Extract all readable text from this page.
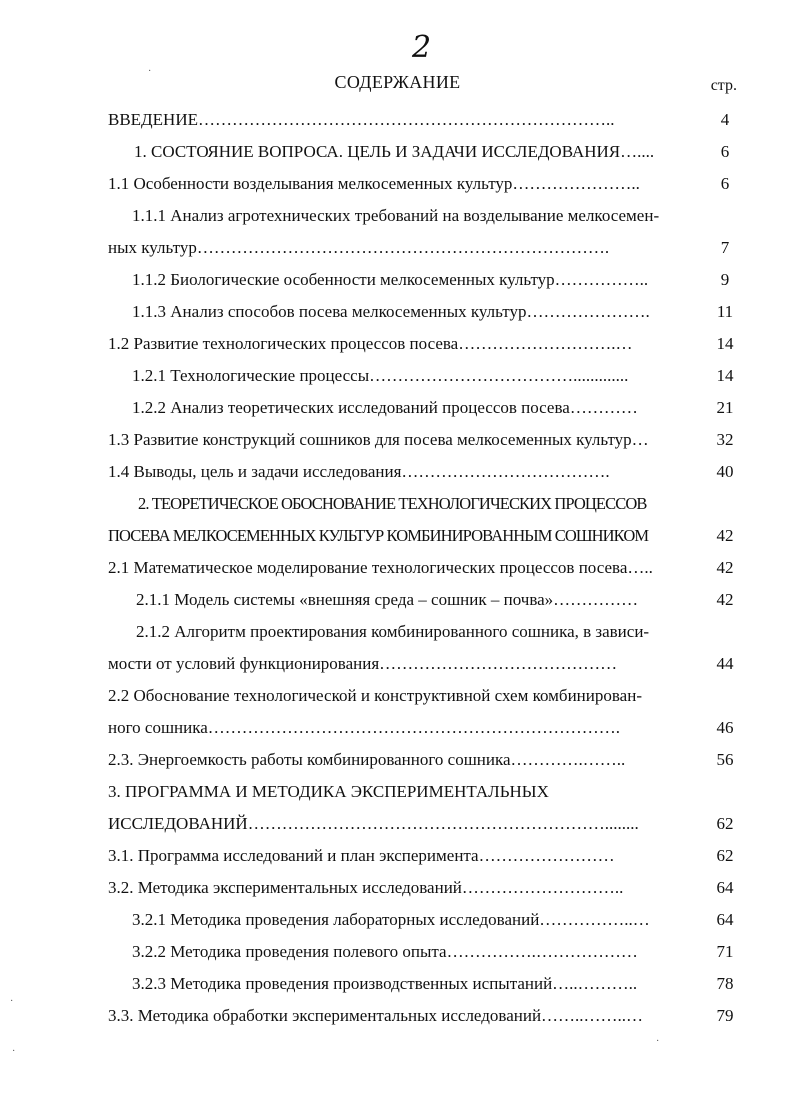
2
СОДЕРЖАНИЕ	стр.
ВВЕДЕНИЕ………………………………………………………………..	4
1. СОСТОЯНИЕ ВОПРОСА. ЦЕЛЬ И ЗАДАЧИ ИССЛЕДОВАНИЯ…....	6
1.1 Особенности возделывания мелкосеменных культур…………………..	6
1.1.1 Анализ агротехнических требований на возделывание мелкосемен-
ных культур……………………………………………………………….	7
1.1.2 Биологические особенности мелкосеменных культур……………..	9
1.1.3 Анализ способов посева мелкосеменных культур………………….	11
1.2 Развитие технологических процессов посева……………………….…	14
1.2.1 Технологические процессы……………………………….............	14
1.2.2 Анализ теоретических исследований процессов посева…………	21
1.3 Развитие конструкций сошников для посева мелкосеменных культур…	32
1.4 Выводы, цель и задачи исследования……………………………….	40
2. ТЕОРЕТИЧЕСКОЕ ОБОСНОВАНИЕ ТЕХНОЛОГИЧЕСКИХ ПРОЦЕССОВ
ПОСЕВА МЕЛКОСЕМЕННЫХ КУЛЬТУР КОМБИНИРОВАННЫМ СОШНИКОМ	42
2.1 Математическое моделирование технологических процессов посева…..	42
2.1.1 Модель системы «внешняя среда – сошник – почва»……………	42
2.1.2 Алгоритм проектирования комбинированного сошника, в зависи-
мости от условий функционирования……………………………………	44
2.2 Обоснование технологической и конструктивной схем комбинирован-
ного сошника……………………………………………………………….	46
2.3. Энергоемкость работы комбинированного сошника………….……..	56
3. ПРОГРАММА И МЕТОДИКА ЭКСПЕРИМЕНТАЛЬНЫХ
ИССЛЕДОВАНИЙ………………………………………………………........	62
3.1. Программа исследований и план эксперимента……………………	62
3.2. Методика экспериментальных исследований………………………..	64
3.2.1 Методика проведения лабораторных исследований……………..…	64
3.2.2 Методика проведения полевого опыта…………….………………	71
3.2.3 Методика проведения производственных испытаний…..………..	78
3.3. Методика обработки экспериментальных исследований……..……..…	79
·
·
·
·
